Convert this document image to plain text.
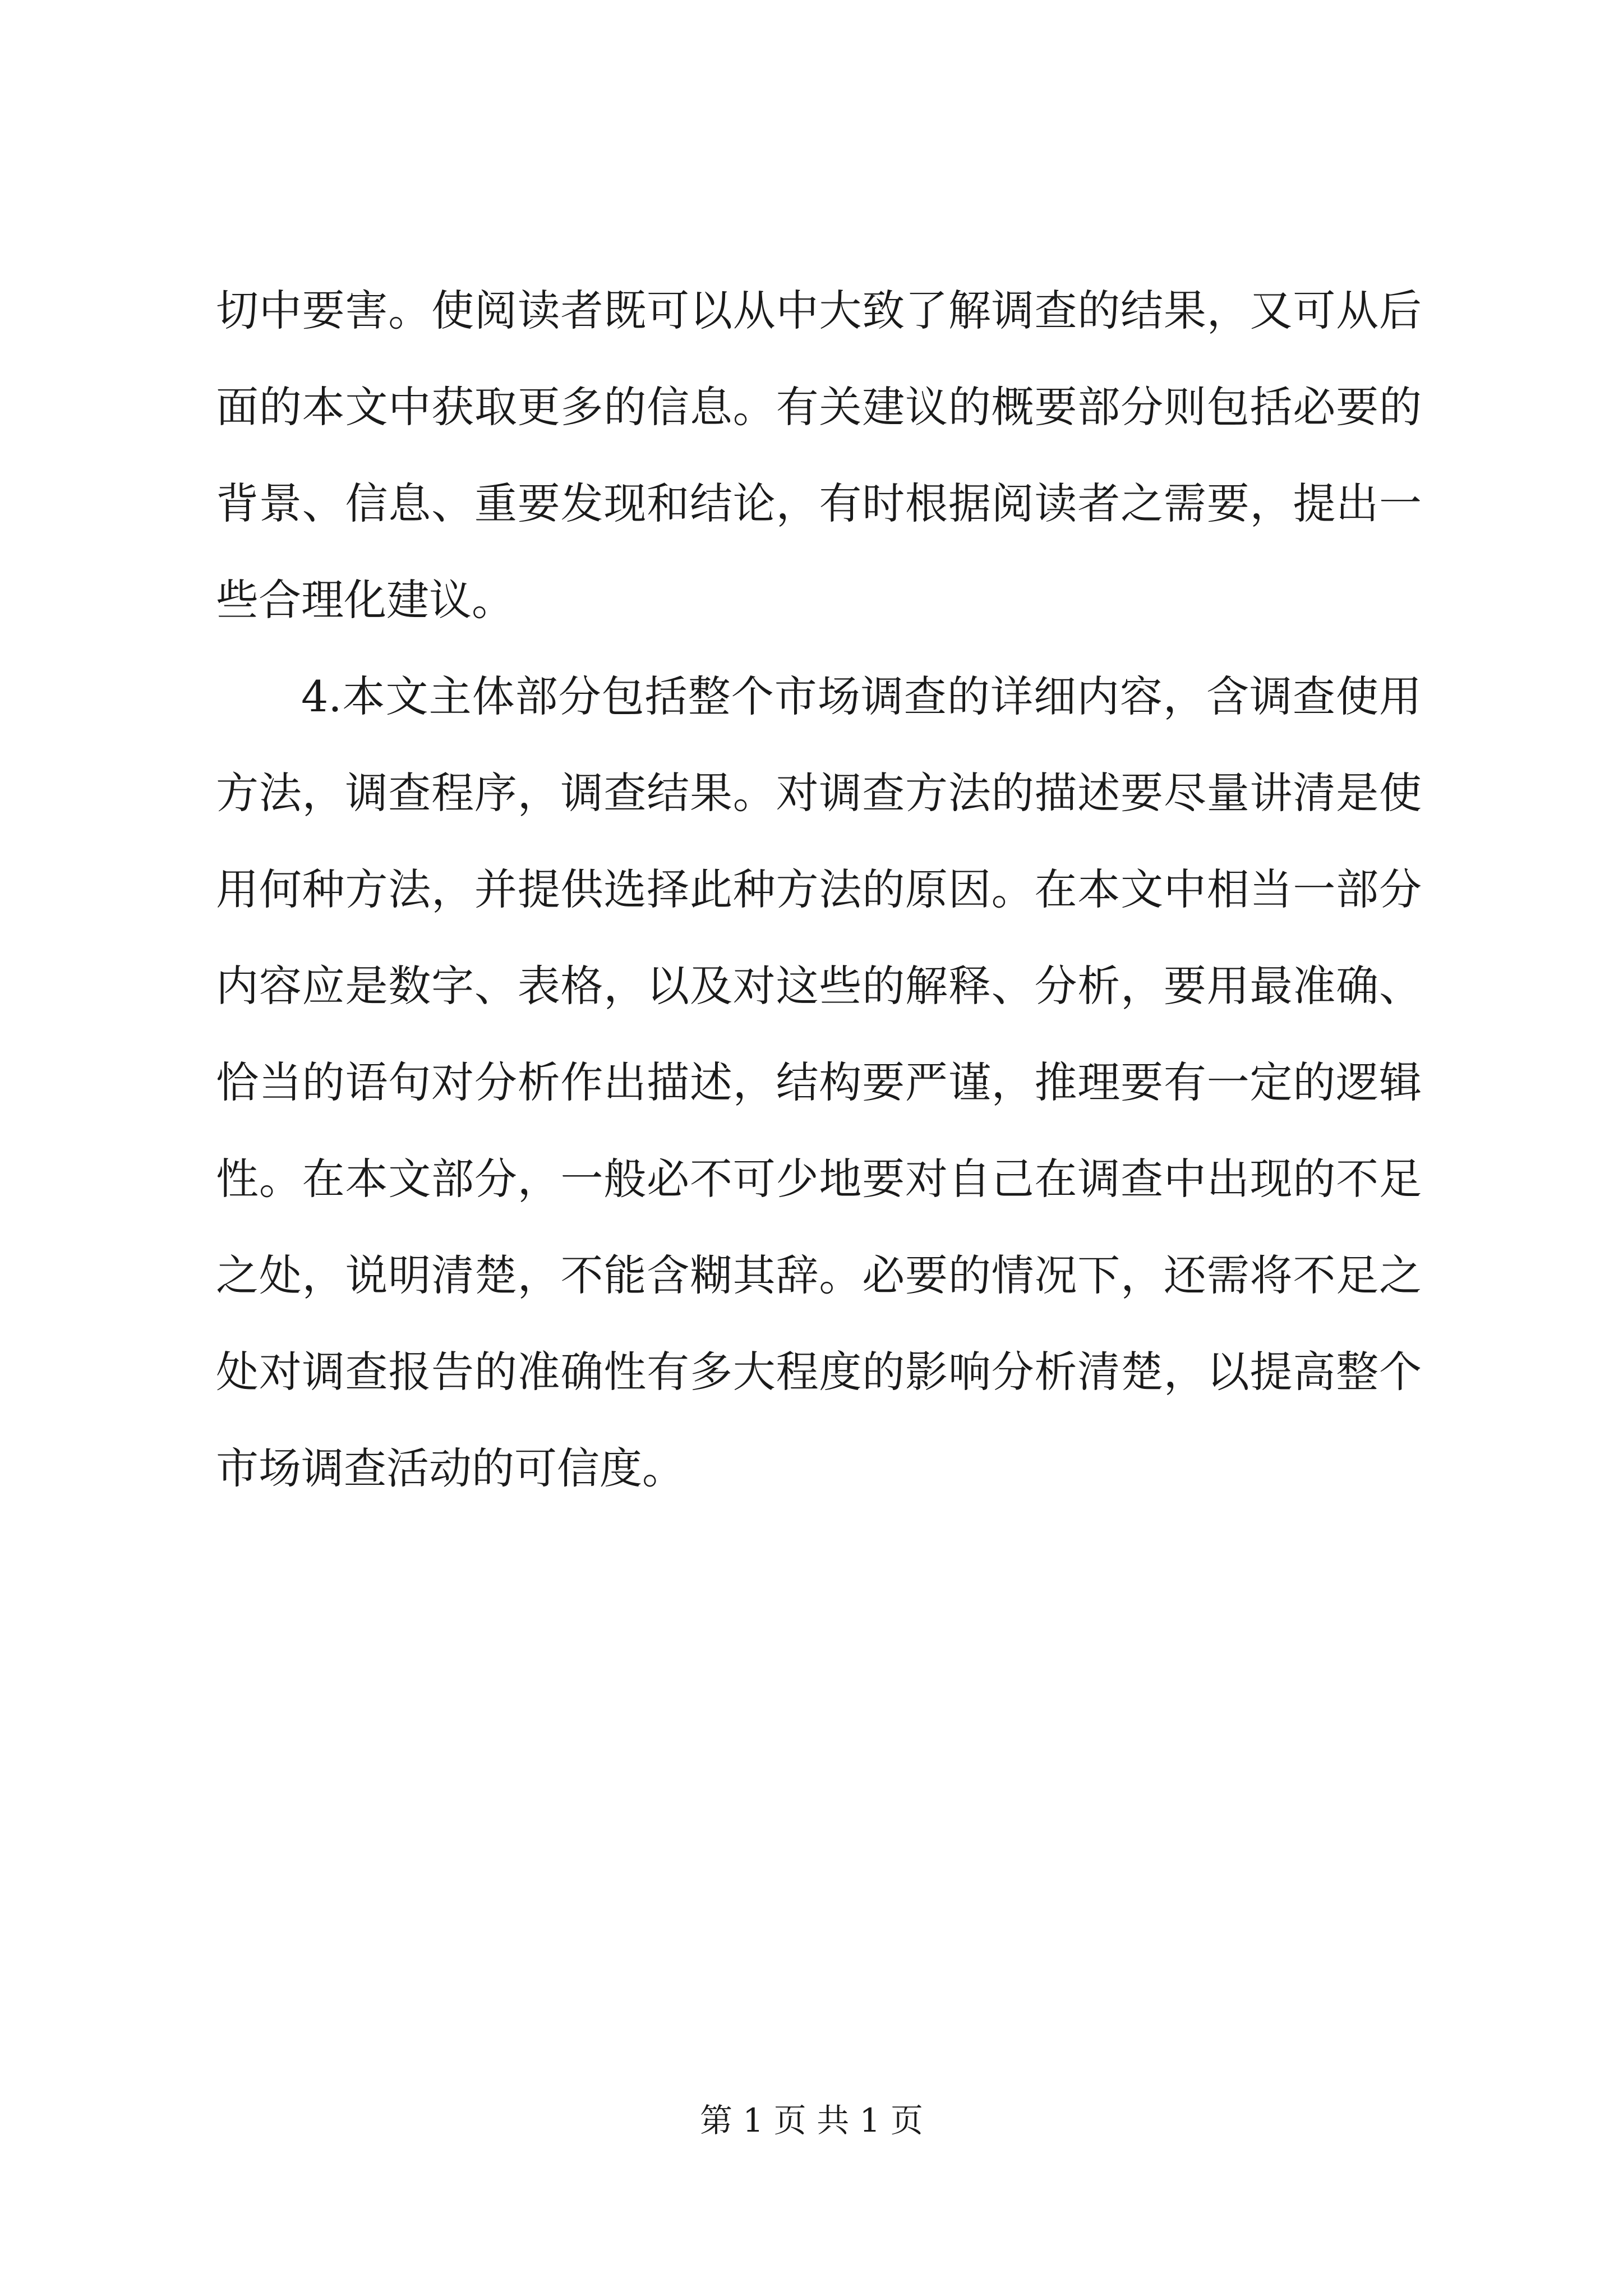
切中要害。使阅读者既可以从中大致了解调查的结果，又可从后
面的本文中获取更多的信息。有关建议的概要部分则包括必要的
背景、信息、重要发现和结论，有时根据阅读者之需要，提出一
些合理化建议。
4.本文主体部分包括整个市场调查的详细内容，含调查使用
方法，调查程序，调查结果。对调查方法的描述要尽量讲清是使
用何种方法，并提供选择此种方法的原因。在本文中相当一部分
内容应是数字、表格，以及对这些的解释、分析，要用最准确、
恰当的语句对分析作出描述，结构要严谨，推理要有一定的逻辑
性。在本文部分，一般必不可少地要对自己在调查中出现的不足
之处，说明清楚，不能含糊其辞。必要的情况下，还需将不足之
处对调查报告的准确性有多大程度的影响分析清楚，以提高整个
市场调查活动的可信度。
第 1 页 共 1 页
